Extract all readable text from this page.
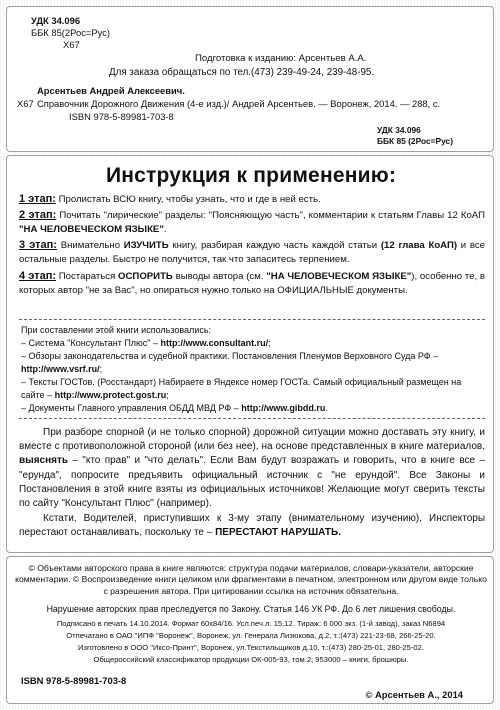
УДК 34.096
ББК 85(2Рос=Рус)
Х67
Подготовка к изданию: Арсентьев А.А.
Для заказа обращаться по тел.(473) 239-49-24, 239-48-95.
Арсентьев Андрей Алексеевич.
Х67 Справочник Дорожного Движения (4-е изд.)/ Андрей Арсентьев. — Воронеж, 2014. — 288, с.
ISBN 978-5-89981-703-8
УДК 34.096
ББК 85 (2Рос=Рус)
Инструкция к применению:
1 этап: Пролистать ВСЮ книгу, чтобы узнать, что и где в ней есть.
2 этап: Почитать "лирические" разделы: "Поясняющую часть", комментарии к статьям Главы 12 КоАП "НА ЧЕЛОВЕЧЕСКОМ ЯЗЫКЕ".
3 этап: Внимательно ИЗУЧИТЬ книгу, разбирая каждую часть каждой статьи (12 глава КоАП) и все остальные разделы. Быстро не получится, так что запаситесь терпением.
4 этап: Постараться ОСПОРИТЬ выводы автора (см. "НА ЧЕЛОВЕЧЕСКОМ ЯЗЫКЕ"), особенно те, в которых автор "не за Вас", но опираться нужно только на ОФИЦИАЛЬНЫЕ документы.
При составлении этой книги использовались:
– Система "Консультант Плюс" – http://www.consultant.ru/;
– Обзоры законодательства и судебной практики. Постановления Пленумов Верховного Суда РФ – http://www.vsrf.ru/;
– Тексты ГОСТов. (Росстандарт) Набираете в Яндексе номер ГОСТа. Самый официальный размещен на сайте – http://www.protect.gost.ru;
– Документы Главного управления ОБДД МВД РФ – http://www.gibdd.ru.
При разборе спорной (и не только спорной) дорожной ситуации можно доставать эту книгу, и вместе с противоположной стороной (или без нее), на основе представленных в книге материалов, выяснять – "кто прав" и "что делать". Если Вам будут возражать и говорить, что в книге все – "ерунда", попросите предъявить официальный источник с "не ерундой". Все Законы и Постановления в этой книге взяты из официальных источников! Желающие могут сверить тексты по сайту "Консультант Плюс" (например).
Кстати, Водителей, приступивших к 3-му этапу (внимательному изучению), Инспекторы перестают останавливать, поскольку те – ПЕРЕСТАЮТ НАРУШАТЬ.
© Объектами авторского права в книге являются: структура подачи материалов, словари-указатели, авторские комментарии. © Воспроизведение книги целиком или фрагментами в печатном, электронном или другом виде только с разрешения автора. При цитировании ссылка на источник обязательна.
Нарушение авторских прав преследуется по Закону. Статья 146 УК РФ. До 6 лет лишения свободы.
Подписано в печать 14.10.2014. Формат 60х84/16. Усл.печ.л. 15,12. Тираж: 6 000 экз. (1-й завод), заказ N6894
Отпечатано в ОАО "ИПФ "Воронеж", Воронеж, ул. Генерала Лизюкова, д.2, т.:(473) 221-23-68, 266-25-20.
Изготовлено в ООО "Иксо-Принт", Воронеж, ул.Текстильщиков д.10, т.:(473) 280-25-01, 280-25-02.
Общероссийский классификатор продукции ОК-005-93, том.2; 953000 – книги, брошюры.
ISBN 978-5-89981-703-8
© Арсентьев А., 2014
